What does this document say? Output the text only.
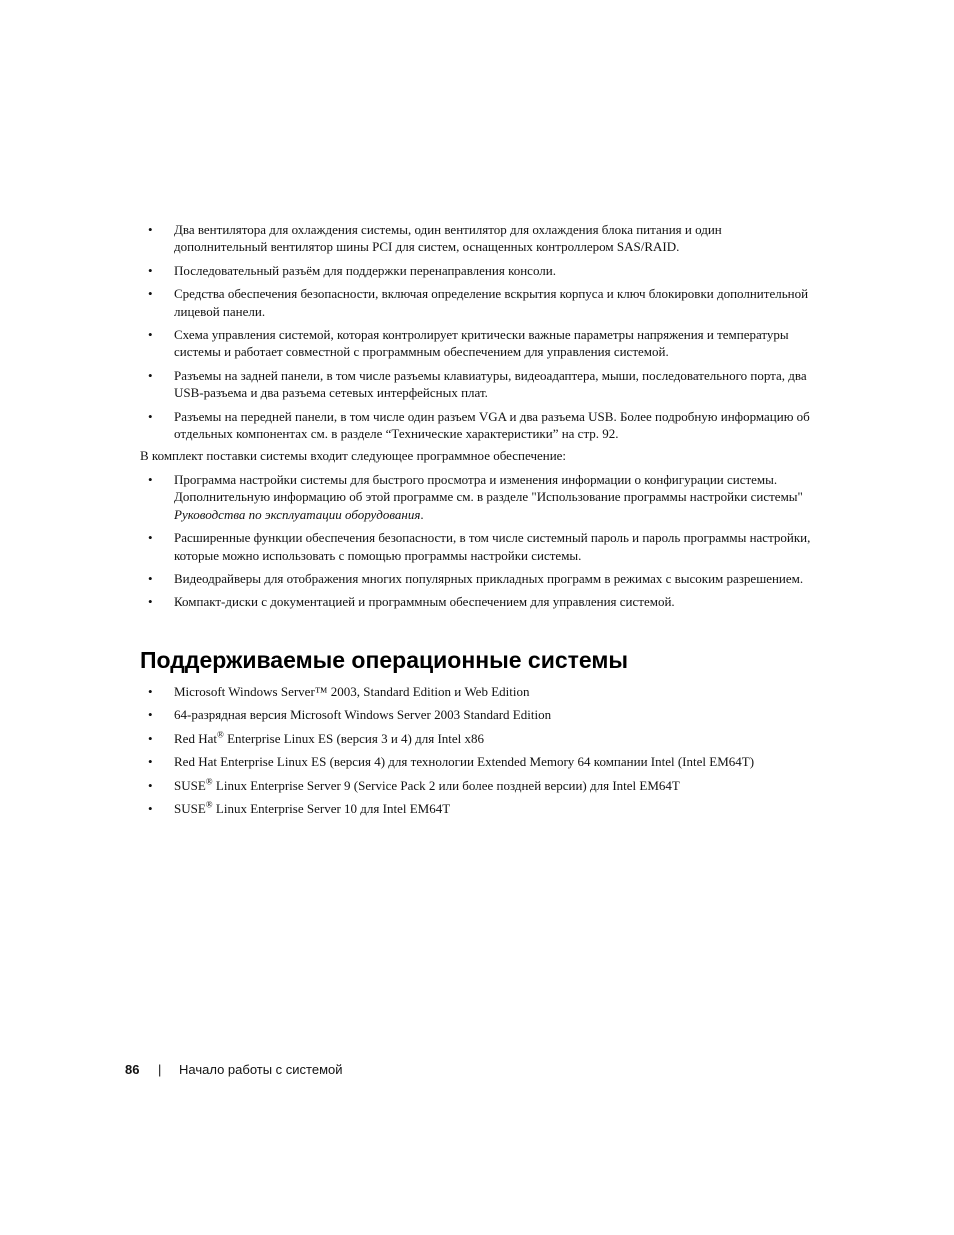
• Два вентилятора для охлаждения системы, один вентилятор для охлаждения блока питания и один дополнительный вентилятор шины PCI для систем, оснащенных контроллером SAS/RAID.
• Последовательный разъём для поддержки перенаправления консоли.
• Средства обеспечения безопасности, включая определение вскрытия корпуса и ключ блокировки дополнительной лицевой панели.
• Схема управления системой, которая контролирует критически важные параметры напряжения и температуры системы и работает совместной с программным обеспечением для управления системой.
• Разъемы на задней панели, в том числе разъемы клавиатуры, видеоадаптера, мыши, последовательного порта, два USB-разъема и два разъема сетевых интерфейсных плат.
• Разъемы на передней панели, в том числе один разъем VGA и два разъема USB. Более подробную информацию об отдельных компонентах см. в разделе “Технические характеристики” на стр. 92.

В комплект поставки системы входит следующее программное обеспечение:

• Программа настройки системы для быстрого просмотра и изменения информации о конфигурации системы. Дополнительную информацию об этой программе см. в разделе "Использование программы настройки системы" Руководства по эксплуатации оборудования.
• Расширенные функции обеспечения безопасности, в том числе системный пароль и пароль программы настройки, которые можно использовать с помощью программы настройки системы.
• Видеодрайверы для отображения многих популярных прикладных программ в режимах с высоким разрешением.
• Компакт-диски с документацией и программным обеспечением для управления системой.
Поддерживаемые операционные системы
• Microsoft Windows Server™ 2003, Standard Edition и Web Edition
• 64-разрядная версия Microsoft Windows Server 2003 Standard Edition
• Red Hat® Enterprise Linux ES (версия 3 и 4) для Intel x86
• Red Hat Enterprise Linux ES (версия 4) для технологии Extended Memory 64 компании Intel (Intel EM64T)
• SUSE® Linux Enterprise Server 9 (Service Pack 2 или более поздней версии) для Intel EM64T
• SUSE® Linux Enterprise Server 10 для Intel EM64T
86 | Начало работы с системой
